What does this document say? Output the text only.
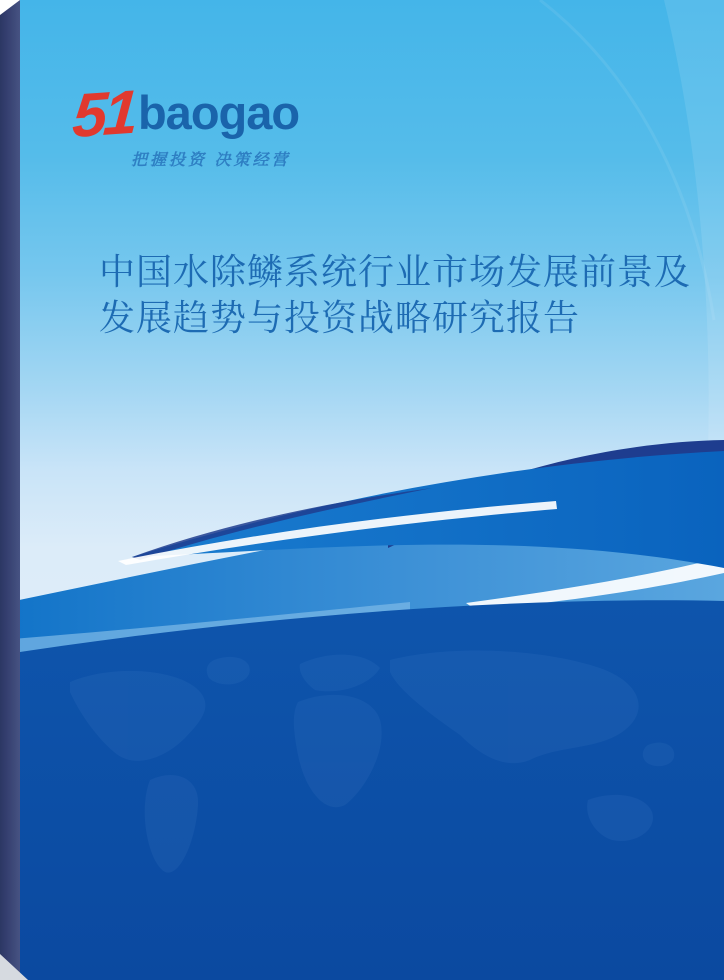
51baogao
把握投资 决策经营
中国水除鳞系统行业市场发展前景及
发展趋势与投资战略研究报告
